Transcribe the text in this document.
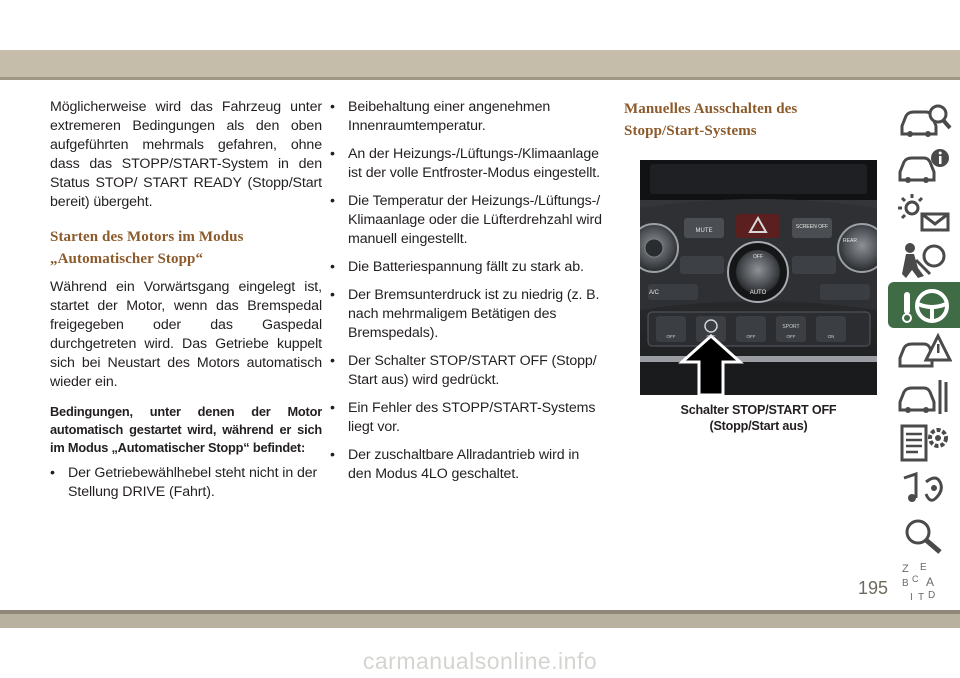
Möglicherweise wird das Fahrzeug unter extremeren Bedingungen als den oben aufgeführten mehrmals gefahren, ohne dass das STOPP/START-System in den Status STOP/ START READY (Stopp/Start bereit) übergeht.

Starten des Motors im Modus
„Automatischer Stopp“

Während ein Vorwärtsgang eingelegt ist, startet der Motor, wenn das Bremspedal freigegeben oder das Gaspedal durchgetreten wird. Das Getriebe kuppelt sich bei Neustart des Motors automatisch wieder ein.

Bedingungen, unter denen der Motor automatisch gestartet wird, während er sich im Modus „Automatischer Stopp“ befindet:

• Der Getriebewählhebel steht nicht in der Stellung DRIVE (Fahrt).
• Beibehaltung einer angenehmen Innenraumtemperatur.
• An der Heizungs-/Lüftungs-/Klimaanlage ist der volle Entfroster-Modus eingestellt.
• Die Temperatur der Heizungs-/Lüftungs-/ Klimaanlage oder die Lüfterdrehzahl wird manuell eingestellt.
• Die Batteriespannung fällt zu stark ab.
• Der Bremsunterdruck ist zu niedrig (z. B. nach mehrmaligem Betätigen des Bremspedals).
• Der Schalter STOP/START OFF (Stopp/ Start aus) wird gedrückt.
• Ein Fehler des STOPP/START-Systems liegt vor.
• Der zuschaltbare Allradantrieb wird in den Modus 4LO geschaltet.
Manuelles Ausschalten des
Stopp/Start-Systems
MUTE
SCREEN OFF
REAR
AUTO
OFF
A/C
OFF	OFF	OFF	OFF
SPORT
ON
Schalter STOP/START OFF
(Stopp/Start aus)
Z E
B A
I T D
C
195
carmanualsonline.info
